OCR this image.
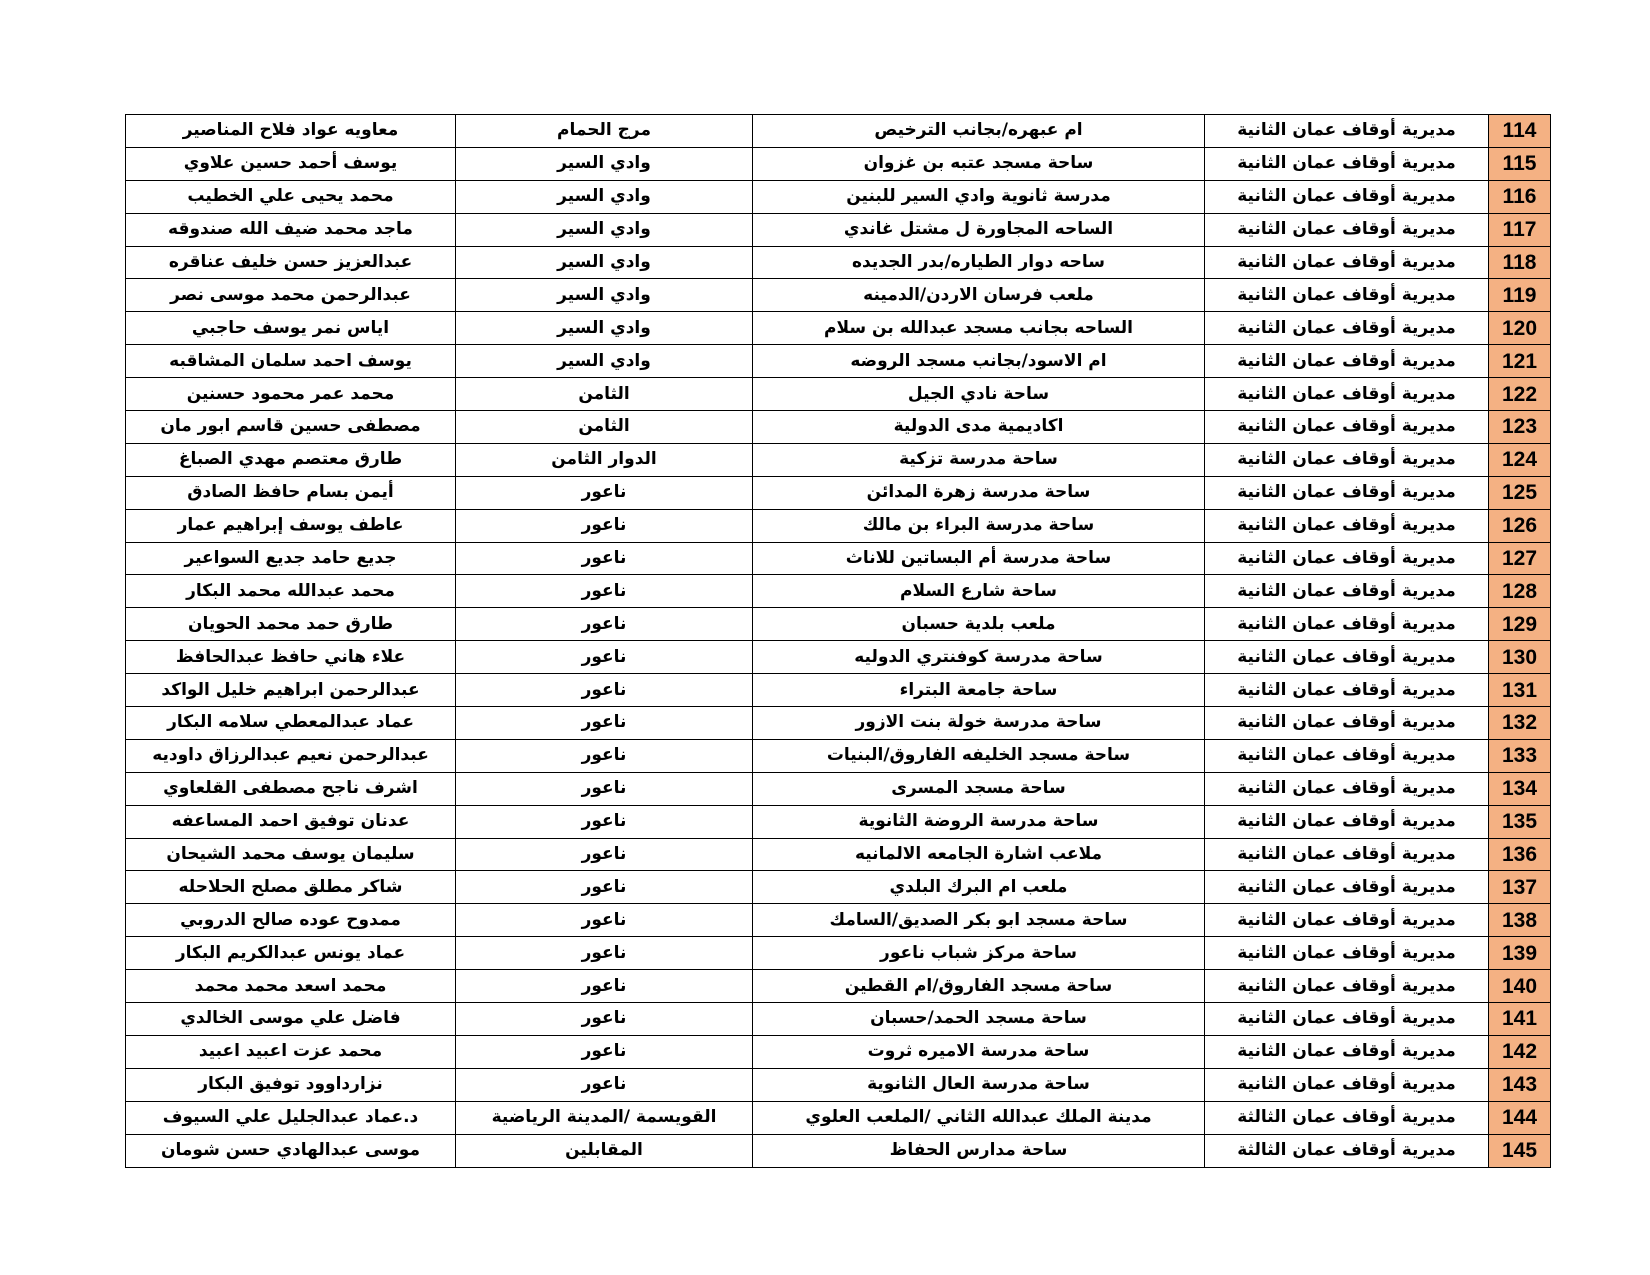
معاويه عواد فلاح المناصير	مرج الحمام	ام عبهره/بجانب الترخيص	مديرية أوقاف عمان الثانية	114
يوسف أحمد حسين علاوي	وادي السير	ساحة مسجد عتبه بن غزوان	مديرية أوقاف عمان الثانية	115
محمد يحيى علي الخطيب	وادي السير	مدرسة ثانوية وادي السير للبنين	مديرية أوقاف عمان الثانية	116
ماجد محمد ضيف الله صندوقه	وادي السير	الساحه المجاورة ل مشتل غاندي	مديرية أوقاف عمان الثانية	117
عبدالعزيز حسن خليف عناقره	وادي السير	ساحه دوار الطياره/بدر الجديده	مديرية أوقاف عمان الثانية	118
عبدالرحمن محمد موسى نصر	وادي السير	ملعب فرسان الاردن/الدمينه	مديرية أوقاف عمان الثانية	119
اياس نمر يوسف حاجبي	وادي السير	الساحه بجانب مسجد عبدالله بن سلام	مديرية أوقاف عمان الثانية	120
يوسف احمد سلمان المشاقبه	وادي السير	ام الاسود/بجانب مسجد الروضه	مديرية أوقاف عمان الثانية	121
محمد عمر محمود حسنين	الثامن	ساحة نادي الجيل	مديرية أوقاف عمان الثانية	122
مصطفى حسين قاسم ابور مان	الثامن	اكاديمية مدى الدولية	مديرية أوقاف عمان الثانية	123
طارق معتصم مهدي الصباغ	الدوار الثامن	ساحة مدرسة تزكية	مديرية أوقاف عمان الثانية	124
أيمن بسام حافظ الصادق	ناعور	ساحة مدرسة زهرة المدائن	مديرية أوقاف عمان الثانية	125
عاطف يوسف إبراهيم عمار	ناعور	ساحة مدرسة البراء بن مالك	مديرية أوقاف عمان الثانية	126
جديع حامد جديع السواعير	ناعور	ساحة مدرسة أم البساتين للاناث	مديرية أوقاف عمان الثانية	127
محمد عبدالله محمد البكار	ناعور	ساحة شارع السلام	مديرية أوقاف عمان الثانية	128
طارق حمد محمد الحويان	ناعور	ملعب بلدية حسبان	مديرية أوقاف عمان الثانية	129
علاء هاني حافظ عبدالحافظ	ناعور	ساحة مدرسة كوفنتري الدوليه	مديرية أوقاف عمان الثانية	130
عبدالرحمن ابراهيم خليل الواكد	ناعور	ساحة جامعة البتراء	مديرية أوقاف عمان الثانية	131
عماد عبدالمعطي سلامه البكار	ناعور	ساحة مدرسة خولة بنت الازور	مديرية أوقاف عمان الثانية	132
عبدالرحمن نعيم عبدالرزاق داوديه	ناعور	ساحة مسجد الخليفه الفاروق/البنيات	مديرية أوقاف عمان الثانية	133
اشرف ناجح مصطفى القلعاوي	ناعور	ساحة مسجد المسرى	مديرية أوقاف عمان الثانية	134
عدنان توفيق احمد المساعفه	ناعور	ساحة مدرسة الروضة الثانوية	مديرية أوقاف عمان الثانية	135
سليمان يوسف محمد الشيحان	ناعور	ملاعب اشارة الجامعه الالمانيه	مديرية أوقاف عمان الثانية	136
شاكر مطلق مصلح الحلاحله	ناعور	ملعب ام البرك البلدي	مديرية أوقاف عمان الثانية	137
ممدوح عوده صالح الدروبي	ناعور	ساحة مسجد ابو بكر الصديق/السامك	مديرية أوقاف عمان الثانية	138
عماد يونس عبدالكريم البكار	ناعور	ساحة مركز شباب ناعور	مديرية أوقاف عمان الثانية	139
محمد اسعد محمد محمد	ناعور	ساحة مسجد الفاروق/ام القطين	مديرية أوقاف عمان الثانية	140
فاضل علي موسى الخالدي	ناعور	ساحة مسجد الحمد/حسبان	مديرية أوقاف عمان الثانية	141
محمد عزت اعبيد اعبيد	ناعور	ساحة مدرسة الاميره ثروت	مديرية أوقاف عمان الثانية	142
نزارداوود توفيق البكار	ناعور	ساحة مدرسة العال الثانوية	مديرية أوقاف عمان الثانية	143
د.عماد عبدالجليل علي السيوف	القويسمة /المدينة الرياضية	مدينة الملك عبدالله الثاني /الملعب العلوي	مديرية أوقاف عمان الثالثة	144
موسى عبدالهادي حسن شومان	المقابلين	ساحة مدارس الحفاظ	مديرية أوقاف عمان الثالثة	145
